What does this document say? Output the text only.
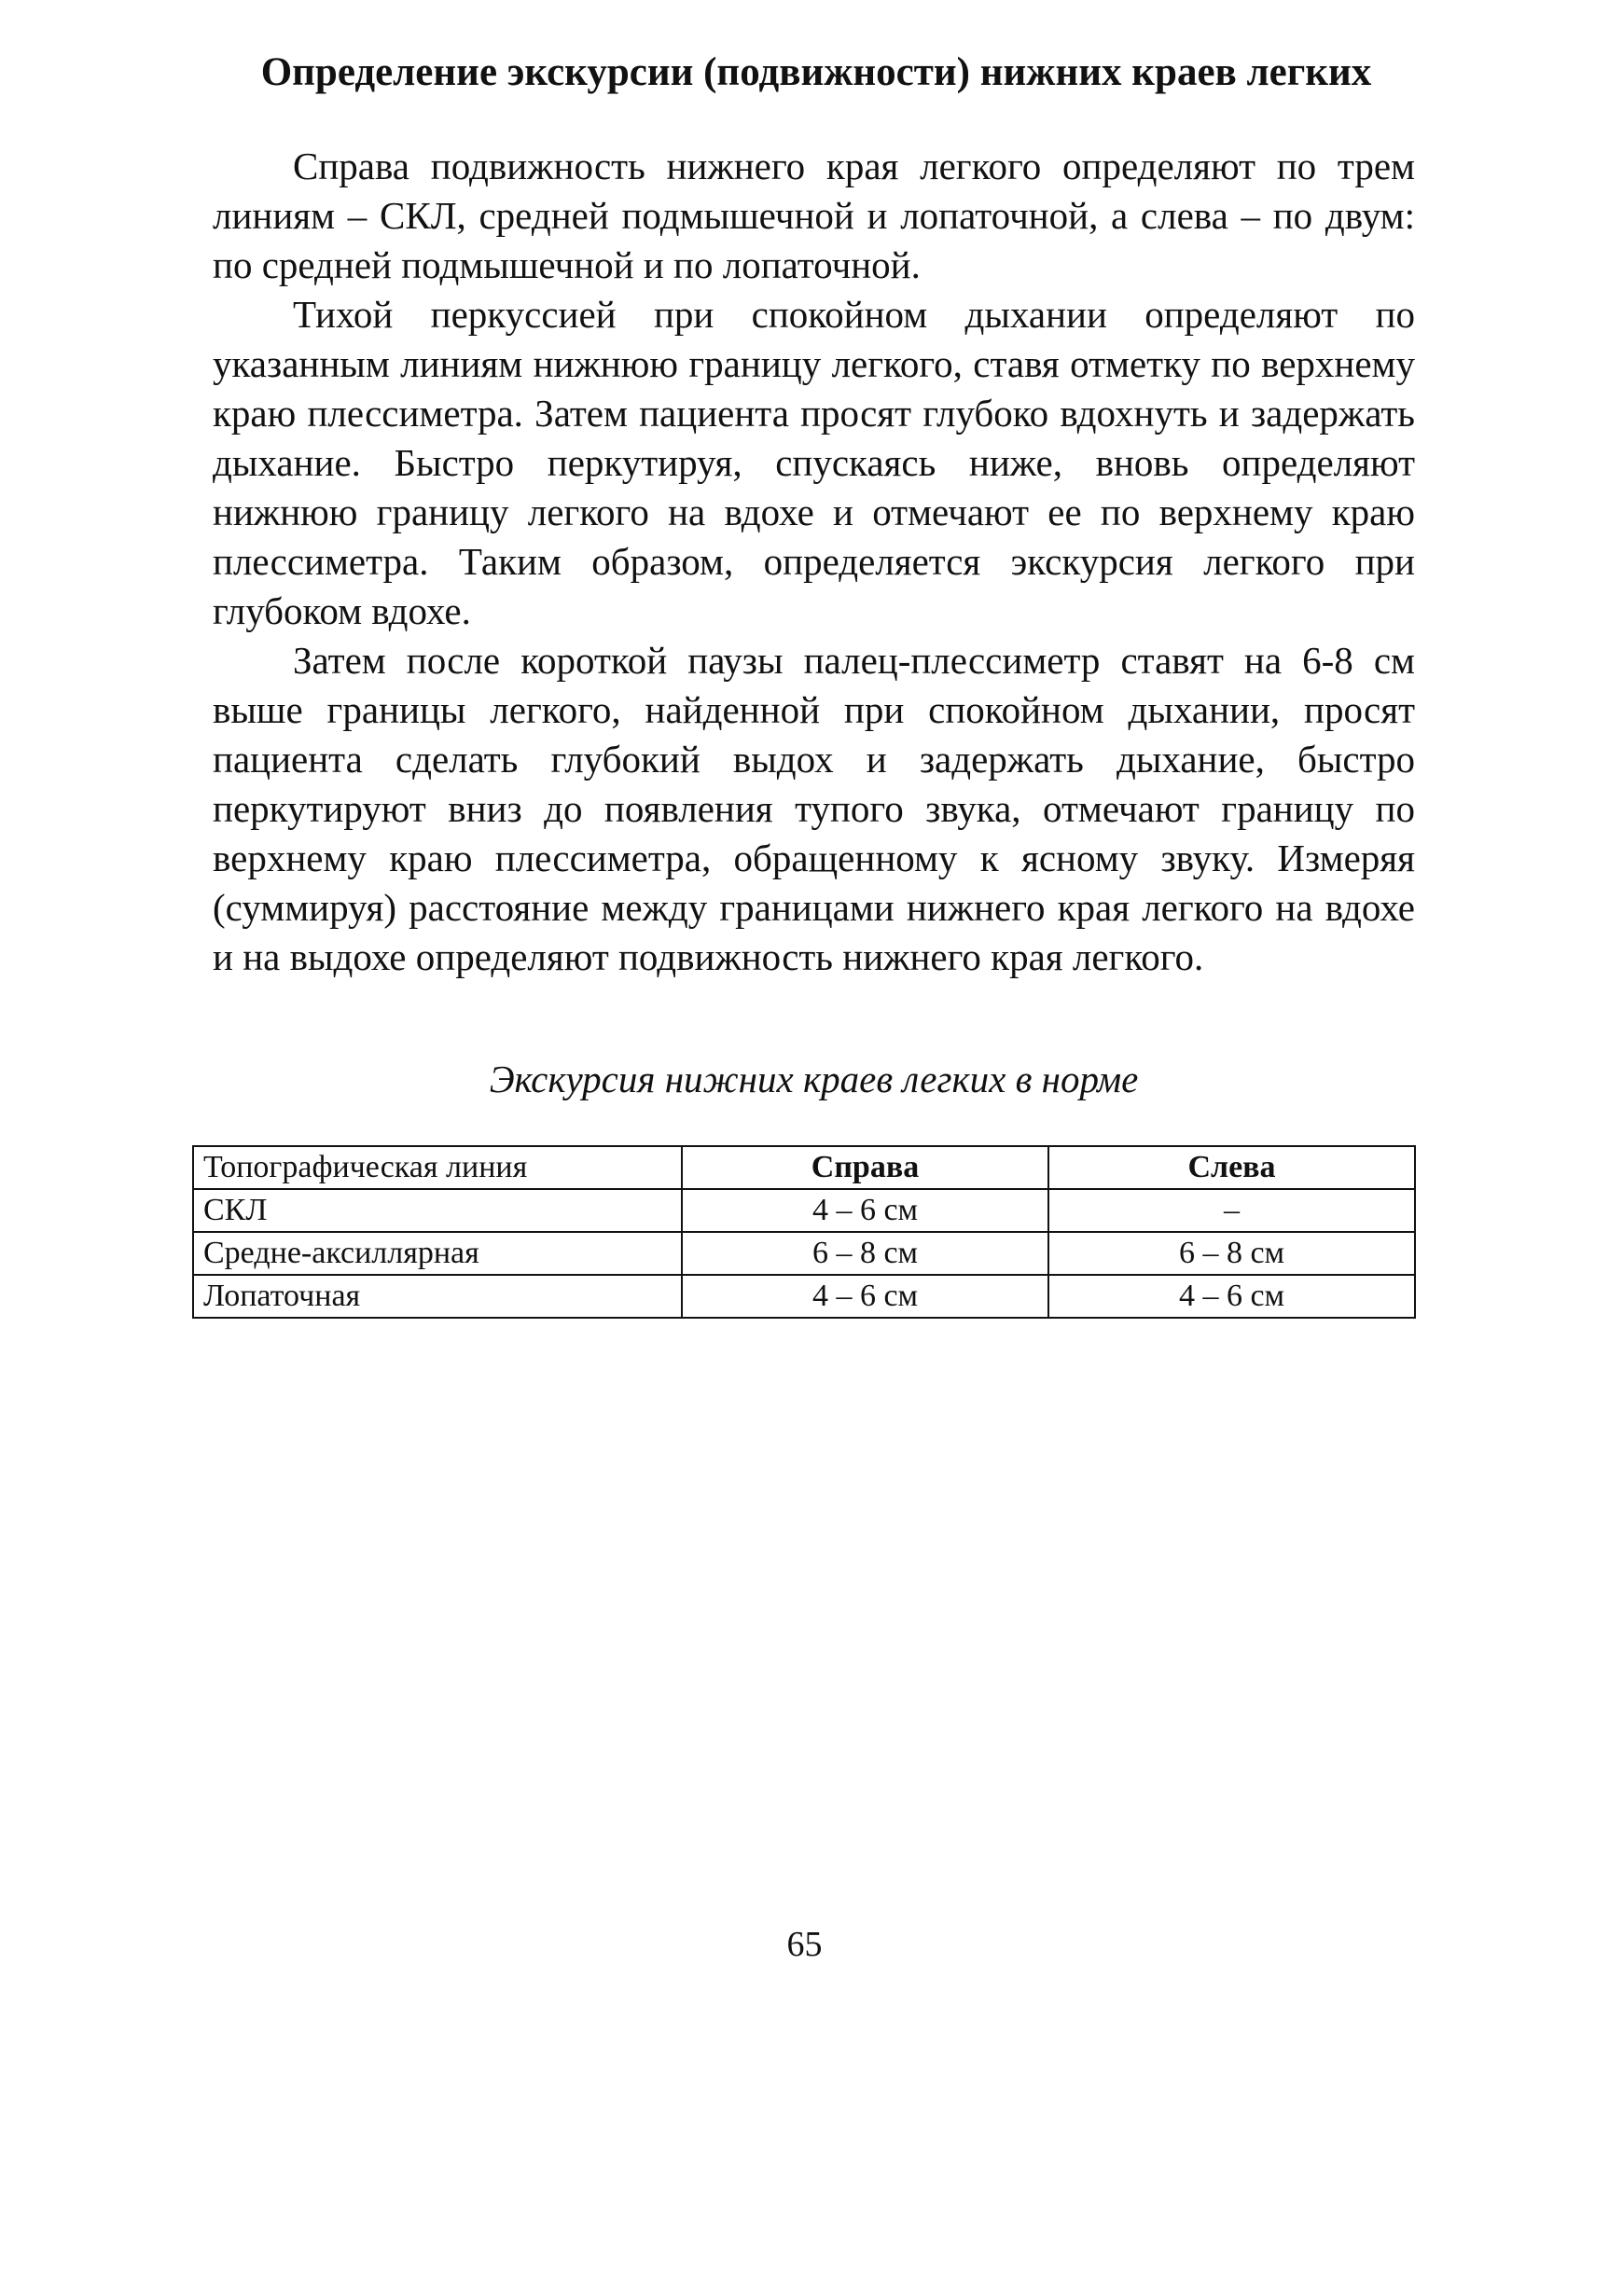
Определение экскурсии (подвижности) нижних краев легких

Справа подвижность нижнего края легкого определяют по трем линиям – СКЛ, средней подмышечной и лопаточной, а слева – по двум: по средней подмышечной и по лопаточной.

Тихой перкуссией при спокойном дыхании определяют по указанным линиям нижнюю границу легкого, ставя отметку по верхнему краю плессиметра. Затем пациента просят глубоко вдохнуть и задержать дыхание. Быстро перкутируя, спускаясь ниже, вновь определяют нижнюю границу легкого на вдохе и отмечают ее по верхнему краю плессиметра. Таким образом, определяется экскурсия легкого при глубоком вдохе.

Затем после короткой паузы палец-плессиметр ставят на 6-8 см выше границы легкого, найденной при спокойном дыхании, просят пациента сделать глубокий выдох и задержать дыхание, быстро перкутируют вниз до появления тупого звука, отмечают границу по верхнему краю плессиметра, обращенному к ясному звуку. Измеряя (суммируя) расстояние между границами нижнего края легкого на вдохе и на выдохе определяют подвижность нижнего края легкого.

Экскурсия нижних краев легких в норме
Топографическая линия	Справа	Слева
СКЛ	4 – 6 см	–
Средне-аксиллярная	6 – 8 см	6 – 8 см
Лопаточная	4 – 6 см	4 – 6 см
65
